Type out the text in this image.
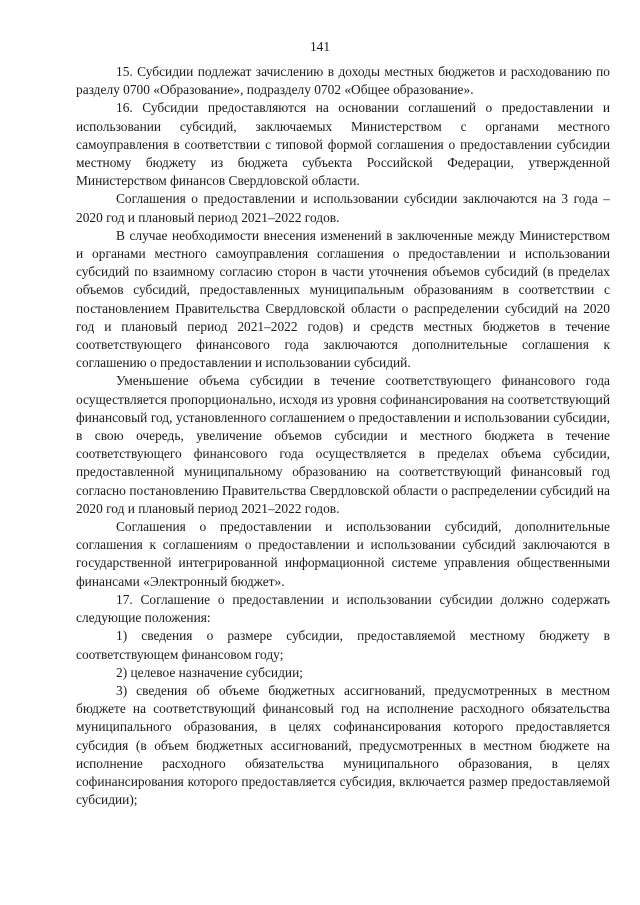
141

15. Субсидии подлежат зачислению в доходы местных бюджетов и расходованию по разделу 0700 «Образование», подразделу 0702 «Общее образование».

16. Субсидии предоставляются на основании соглашений о предоставлении и использовании субсидий, заключаемых Министерством с органами местного самоуправления в соответствии с типовой формой соглашения о предоставлении субсидии местному бюджету из бюджета субъекта Российской Федерации, утвержденной Министерством финансов Свердловской области.

Соглашения о предоставлении и использовании субсидии заключаются на 3 года – 2020 год и плановый период 2021–2022 годов.

В случае необходимости внесения изменений в заключенные между Министерством и органами местного самоуправления соглашения о предоставлении и использовании субсидий по взаимному согласию сторон в части уточнения объемов субсидий (в пределах объемов субсидий, предоставленных муниципальным образованиям в соответствии с постановлением Правительства Свердловской области о распределении субсидий на 2020 год и плановый период 2021–2022 годов) и средств местных бюджетов в течение соответствующего финансового года заключаются дополнительные соглашения к соглашению о предоставлении и использовании субсидий.

Уменьшение объема субсидии в течение соответствующего финансового года осуществляется пропорционально, исходя из уровня софинансирования на соответствующий финансовый год, установленного соглашением о предоставлении и использовании субсидии, в свою очередь, увеличение объемов субсидии и местного бюджета в течение соответствующего финансового года осуществляется в пределах объема субсидии, предоставленной муниципальному образованию на соответствующий финансовый год согласно постановлению Правительства Свердловской области о распределении субсидий на 2020 год и плановый период 2021–2022 годов.

Соглашения о предоставлении и использовании субсидий, дополнительные соглашения к соглашениям о предоставлении и использовании субсидий заключаются в государственной интегрированной информационной системе управления общественными финансами «Электронный бюджет».

17. Соглашение о предоставлении и использовании субсидии должно содержать следующие положения:

1) сведения о размере субсидии, предоставляемой местному бюджету в соответствующем финансовом году;

2) целевое назначение субсидии;

3) сведения об объеме бюджетных ассигнований, предусмотренных в местном бюджете на соответствующий финансовый год на исполнение расходного обязательства муниципального образования, в целях софинансирования которого предоставляется субсидия (в объем бюджетных ассигнований, предусмотренных в местном бюджете на исполнение расходного обязательства муниципального образования, в целях софинансирования которого предоставляется субсидия, включается размер предоставляемой субсидии);
